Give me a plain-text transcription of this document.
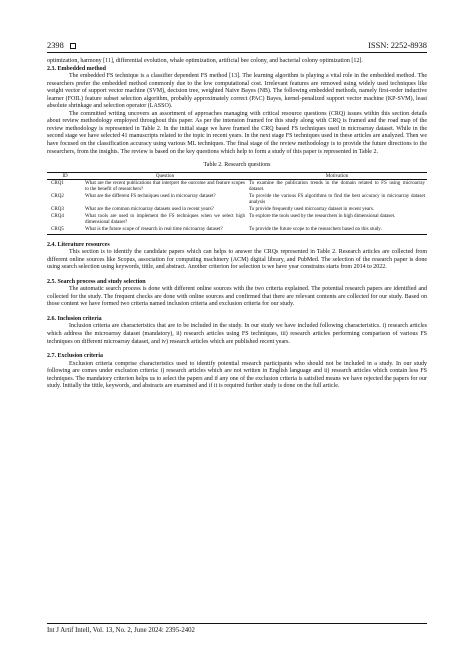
2398	ISSN: 2252-8938

optimization, harmony [11], differential evolution, whale optimization, artificial bee colony, and bacterial colony optimization [12].

2.3. Embedded method

The embedded FS technique is a classifier dependent FS method [13]. The learning algorithm is playing a vital role in the embedded method. The researchers prefer the embedded method commonly due to the low computational cost. Irrelevant features are removed using widely used techniques like weight vector of support vector machine (SVM), decision tree, weighted Naive Bayes (NB). The following embedded methods, namely first-order inductive learner (FOIL) feature subset selection algorithm, probably approximately correct (PAC) Bayes, kernel-penalized support vector machine (KP-SVM), least absolute shrinkage and selection operator (LASSO).

The committed writing uncovers an assortment of approaches managing with critical resource questions (CRQ) issues within this section details about review methodology employed throughout this paper. As per the intension framed for this study along with CRQ is framed and the road map of the review methodology is represented in Table 2. In the initial stage we have framed the CRQ based FS techniques used in microarray dataset. While in the second stage we have selected 41 manuscripts related to the topic in recent years. In the next stage FS techniques used in these articles are analyzed. Then we have focused on the classification accuracy using various ML techniques. The final stage of the review methodology is to provide the future directions to the researchers, from the insights. The review is based on the key questions which help to form a study of this paper is represented in Table 2.

Table 2. Research questions
ID	Question	Motivation
CRQ1	What are the recent publications that interpret the outcome and feature scopes to the benefit of researchers?	To examine the publication trends in the domain related to FS using microarray dataset.
CRQ2	What are the different FS techniques used in microarray dataset?	To provide the various FS algorithms to find the best accuracy in microarray dataset analysis
CRQ3	What are the common microarray datasets used in recent years?	To provide frequently used microarray dataset in recent years.
CRQ4	What tools are used to implement the FS techniques when we select high dimensional dataset?	To explore the tools used by the researchers in high dimensional dataset.
CRQ5	What is the future scope of research in real time microarray dataset?	To provide the future scope to the researchers based on this study.

2.4. Literature resources

This section is to identify the candidate papers which can helps to answer the CRQs represented in Table 2. Research articles are collected from different online sources like Scopus, association for computing machinery (ACM) digital library, and PubMed. The selection of the research paper is done using search selection using keywords, tittle, and abstract. Another criterion for selection is we have year constrains starts from 2014 to 2022.

2.5. Search process and study selection

The automatic search process is done with different online sources with the two criteria explained. The potential research papers are identified and collected for the study. The frequent checks are done with online sources and confirmed that there are relevant contents are collected for our study. Based on those content we have formed two criteria named inclusion criteria and exclusion criteria for our study.

2.6. Inclusion criteria

Inclusion criteria are characteristics that are to be included in the study. In our study we have included following characteristics. i) research articles which address the microarray dataset (mandatory), ii) research articles using FS techniques, iii) research articles performing comparison of various FS techniques on different microarray dataset, and iv) research articles which are published recent years.

2.7. Exclusion criteria

Exclusion criteria comprise characteristics used to identify potential research participants who should not be included in a study. In our study following are comes under exclusion criteria: i) research articles which are not written in English language and ii) research articles which contain less FS techniques. The mandatory criterion helps us to select the papers and if any one of the exclusion criteria is satisfied means we have rejected the papers for our study. Initially the tittle, keywords, and abstracts are examined and if it is required further study is done on the full article.

Int J Artif Intell, Vol. 13, No. 2, June 2024: 2395-2402
